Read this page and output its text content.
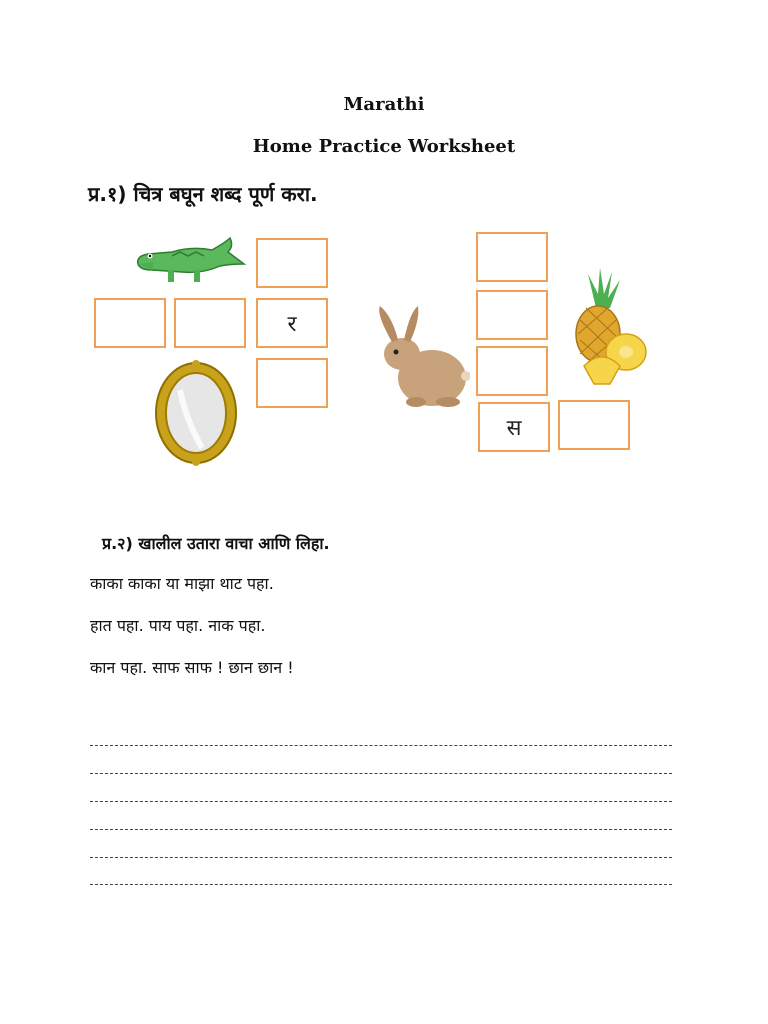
Marathi
Home Practice Worksheet
प्र.१) चित्र बघून शब्द पूर्ण करा.
र
स
प्र.२) खालील उतारा वाचा आणि लिहा.
काका काका या माझा थाट पहा.
हात पहा. पाय पहा. नाक पहा.
कान पहा. साफ साफ ! छान छान !
